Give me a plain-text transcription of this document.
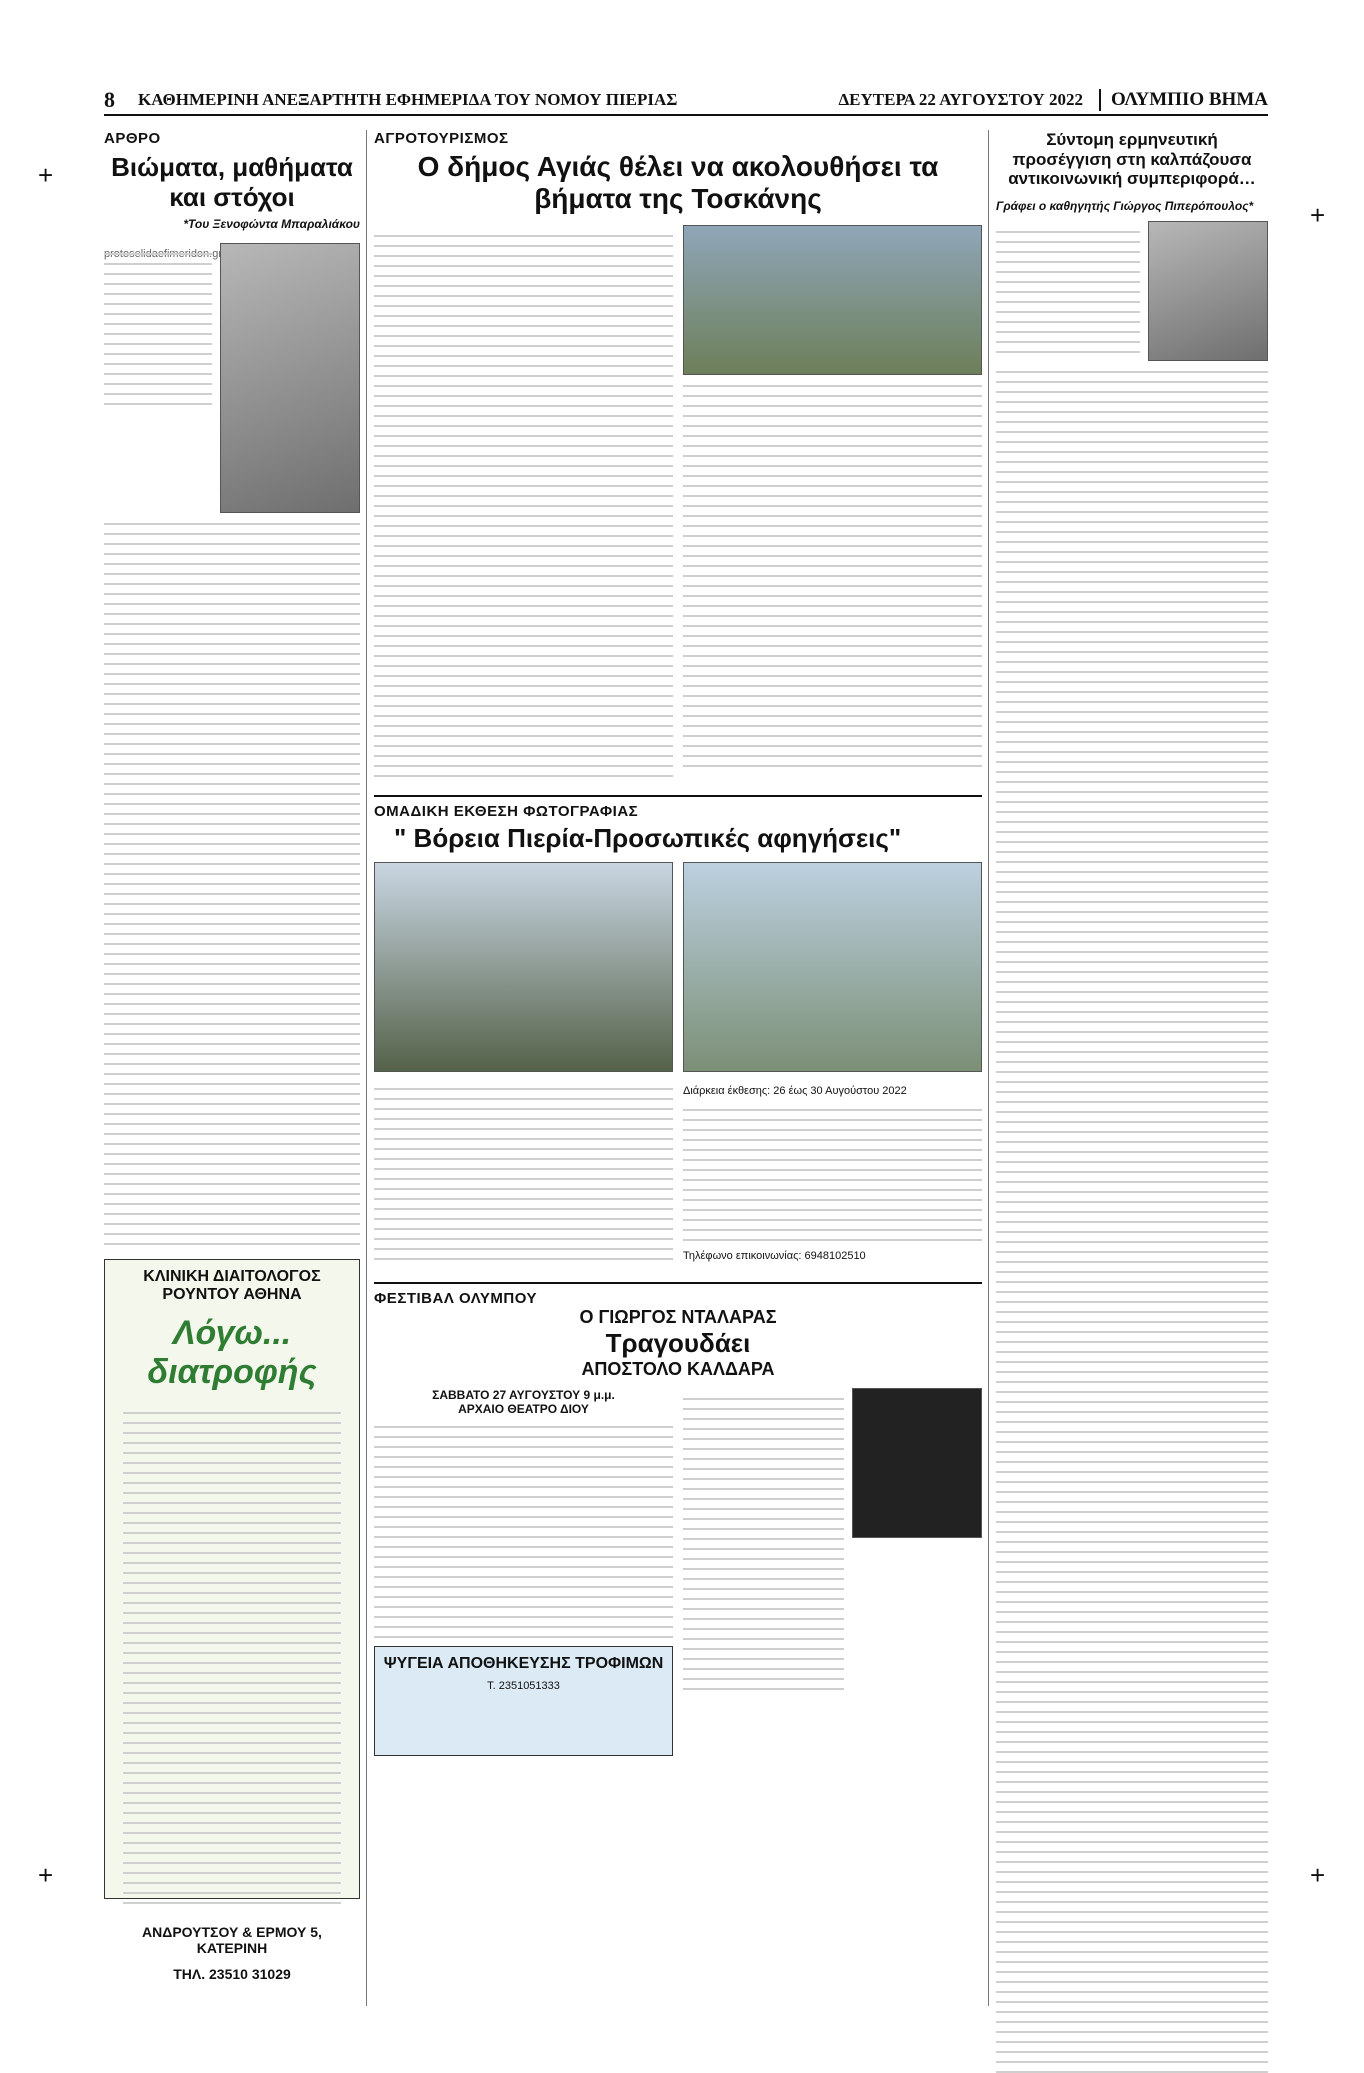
+
+
+	+
8	ΚΑΘΗΜΕΡΙΝΗ ΑΝΕΞΑΡΤΗΤΗ ΕΦΗΜΕΡΙΔΑ ΤΟΥ ΝΟΜΟΥ ΠΙΕΡΙΑΣ	ΔΕΥΤΕΡΑ 22 ΑΥΓΟΥΣΤΟΥ 2022	ΟΛΥΜΠΙΟ ΒΗΜΑ
ΑΡΘΡΟ
Βιώματα, μαθήματα και στόχοι
*Του Ξενοφώντα Μπαραλιάκου
ΚΛΙΝΙΚΗ ΔΙΑΙΤΟΛΟΓΟΣ ΡΟΥΝΤΟΥ ΑΘΗΝΑ
Λόγω... διατροφής
ΑΝΔΡΟΥΤΣΟΥ & ΕΡΜΟΥ 5, ΚΑΤΕΡΙΝΗ
ΤΗΛ. 23510 31029
ΑΓΡΟΤΟΥΡΙΣΜΟΣ
Ο δήμος Αγιάς θέλει να ακολουθήσει τα βήματα της Τοσκάνης
ΟΜΑΔΙΚΗ ΕΚΘΕΣΗ ΦΩΤΟΓΡΑΦΙΑΣ
" Βόρεια Πιερία-Προσωπικές αφηγήσεις"
Διάρκεια έκθεσης: 26 έως 30 Αυγούστου 2022
Τηλέφωνο επικοινωνίας: 6948102510
ΦΕΣΤΙΒΑΛ ΟΛΥΜΠΟΥ
Ο ΓΙΩΡΓΟΣ ΝΤΑΛΑΡΑΣ
Τραγουδάει
ΑΠΟΣΤΟΛΟ ΚΑΛΔΑΡΑ
ΣΑΒΒΑΤΟ 27 ΑΥΓΟΥΣΤΟΥ 9 μ.μ.
ΑΡΧΑΙΟ ΘΕΑΤΡΟ ΔΙΟΥ
ΨΥΓΕΙΑ ΑΠΟΘΗΚΕΥΣΗΣ ΤΡΟΦΙΜΩΝ
Τ. 2351051333
Σύντομη ερμηνευτική προσέγγιση στη καλπάζουσα αντικοινωνική συμπεριφορά…
Γράφει ο καθηγητής Γιώργος Πιπερόπουλος*
